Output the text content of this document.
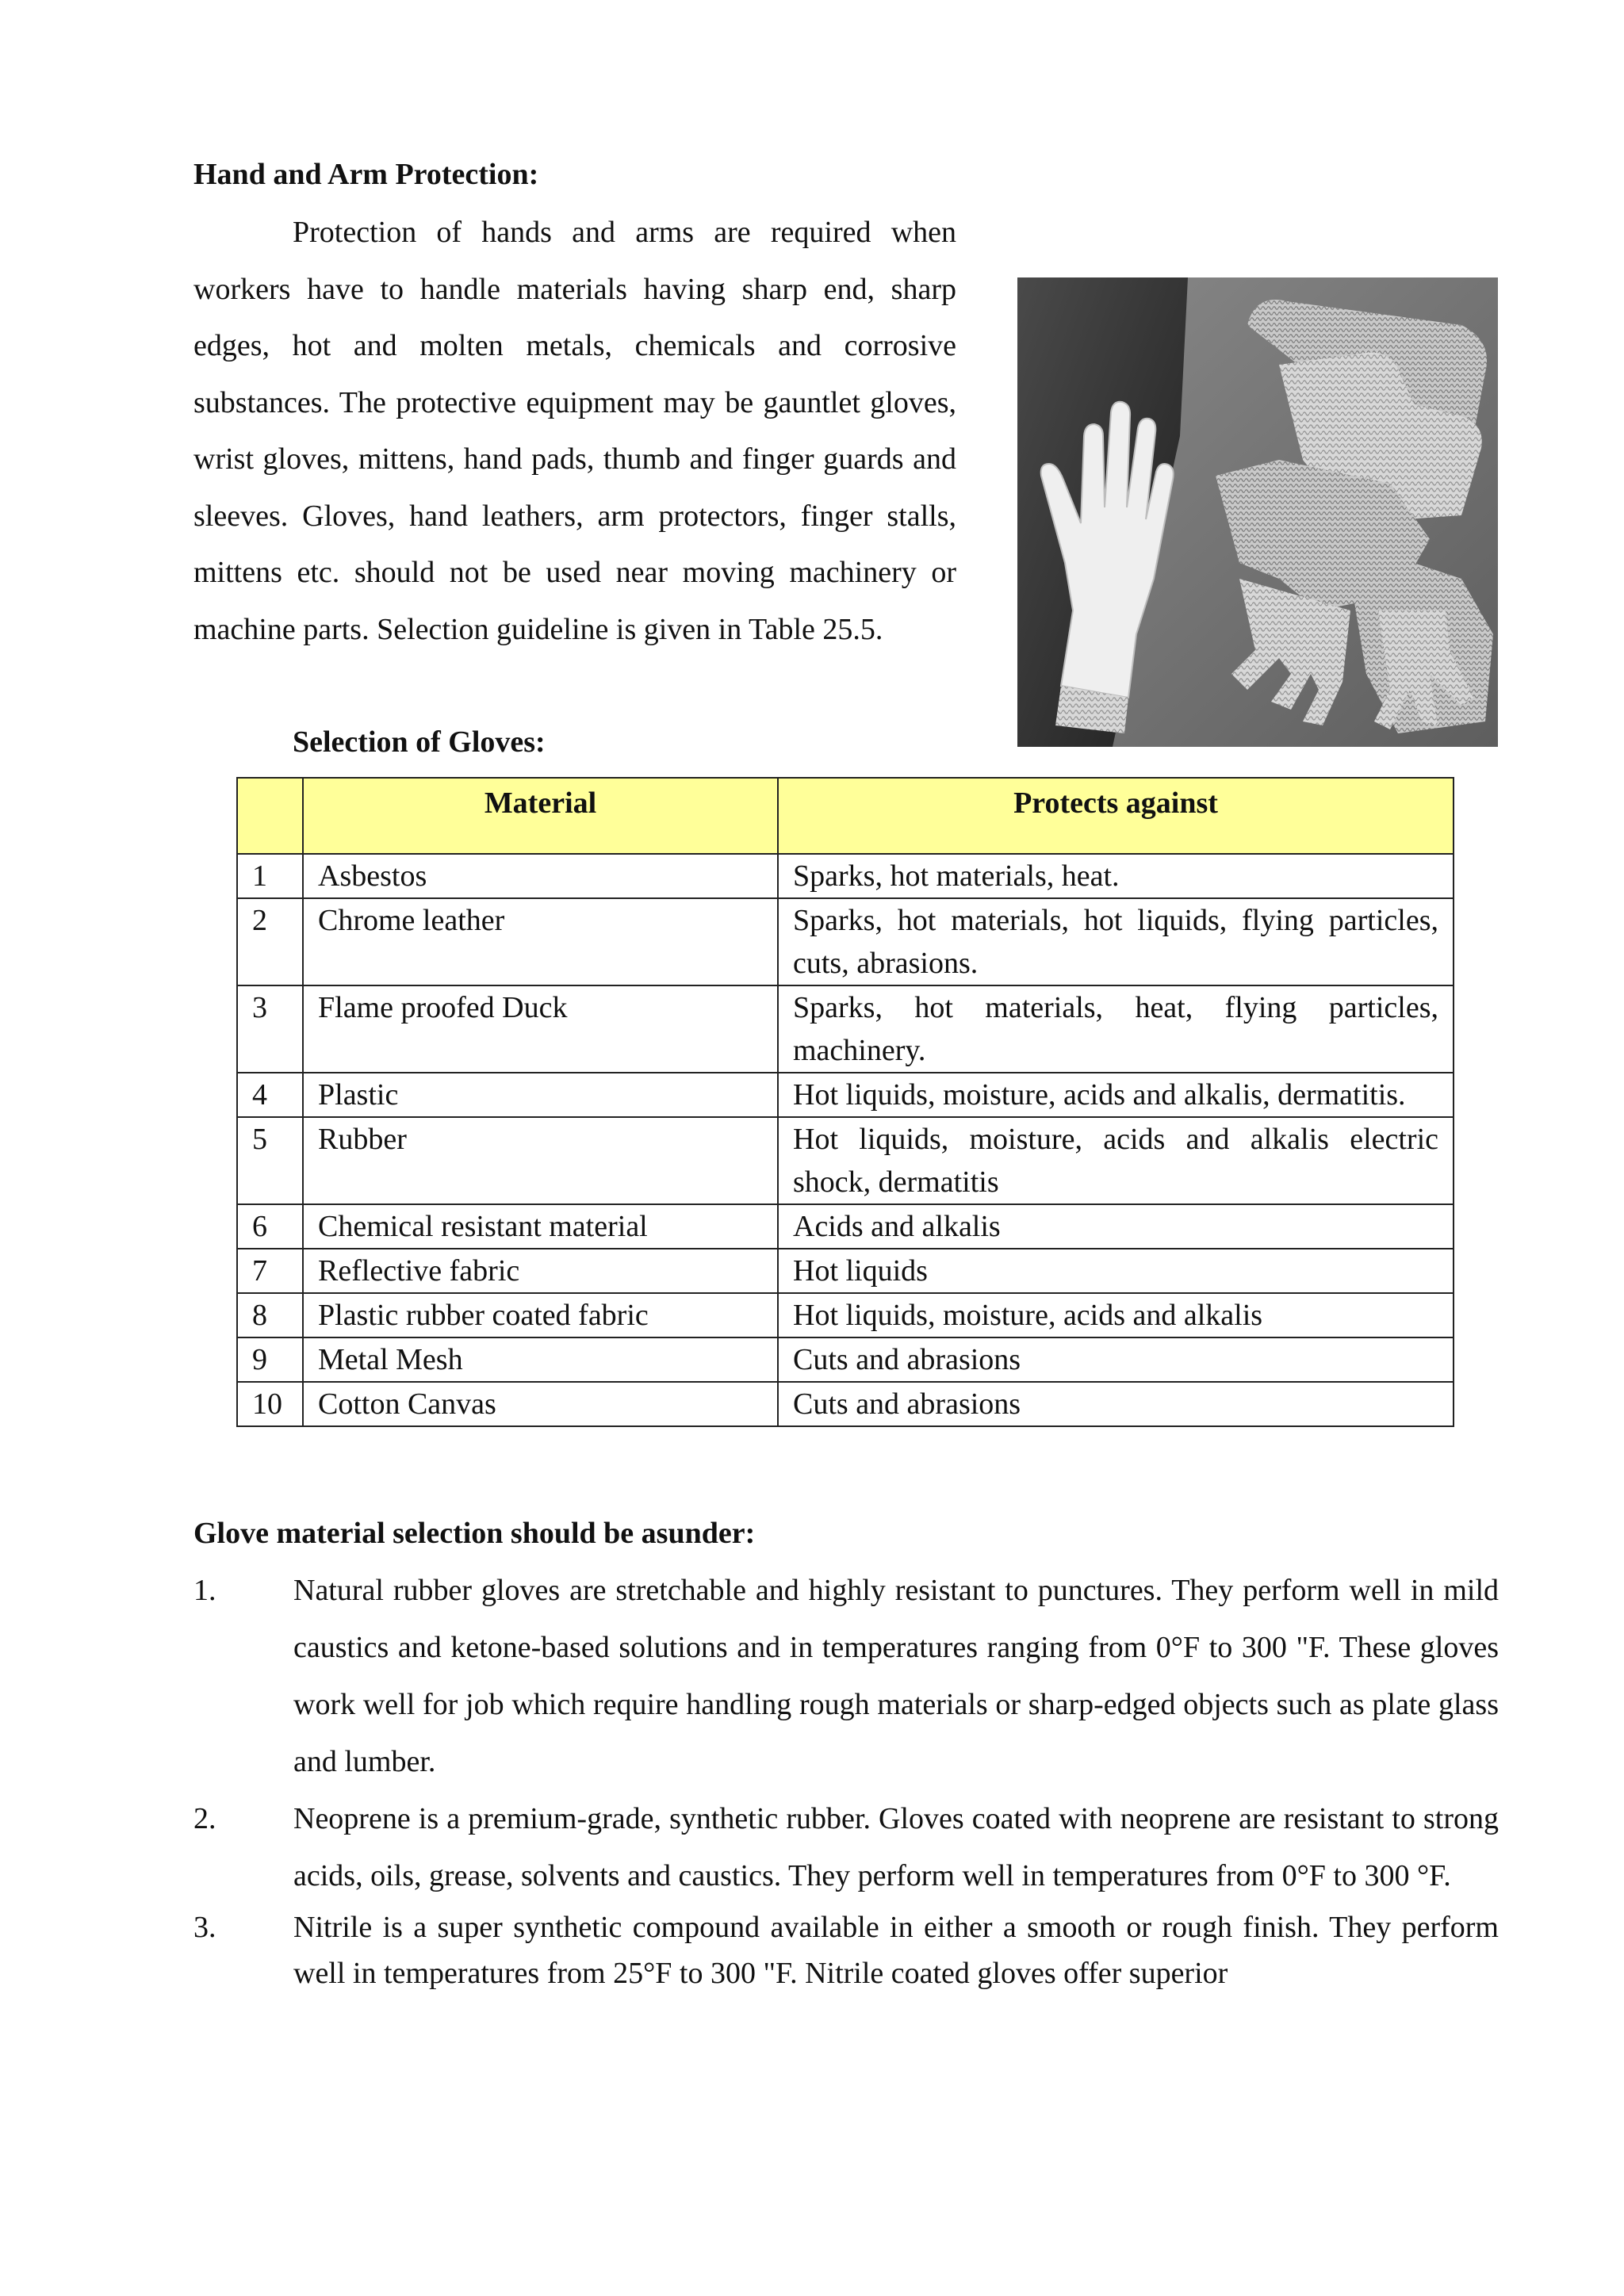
Hand and Arm Protection:

Protection of hands and arms are required when workers have to handle materials having sharp end, sharp edges, hot and molten metals, chemicals and corrosive substances. The protective equipment may be gauntlet gloves, wrist gloves, mittens, hand pads, thumb and finger guards and sleeves. Gloves, hand leathers, arm protectors, finger stalls, mittens etc. should not be used near moving machinery or machine parts. Selection guideline is given in Table 25.5.

Selection of Gloves:
	Material	Protects against
1	Asbestos	Sparks, hot materials, heat.
2	Chrome leather	Sparks, hot materials, hot liquids, flying particles, cuts, abrasions.
3	Flame proofed Duck	Sparks, hot materials, heat, flying particles, machinery.
4	Plastic	Hot liquids, moisture, acids and alkalis, dermatitis.
5	Rubber	Hot liquids, moisture, acids and alkalis electric shock, dermatitis
6	Chemical resistant material	Acids and alkalis
7	Reflective fabric	Hot liquids
8	Plastic rubber coated fabric	Hot liquids, moisture, acids and alkalis
9	Metal Mesh	Cuts and abrasions
10	Cotton Canvas	Cuts and abrasions
Glove material selection should be asunder:
1.	Natural rubber gloves are stretchable and highly resistant to punctures. They perform well in mild caustics and ketone-based solutions and in temperatures ranging from 0°F to 300 "F. These gloves work well for job which require handling rough materials or sharp-edged objects such as plate glass and lumber.
2.	Neoprene is a premium-grade, synthetic rubber. Gloves coated with neoprene are resistant to strong acids, oils, grease, solvents and caustics. They perform well in temperatures from 0°F to 300 °F.
3.	Nitrile is a super synthetic compound available in either a smooth or rough finish. They perform well in temperatures from 25°F to 300 "F. Nitrile coated gloves offer superior
